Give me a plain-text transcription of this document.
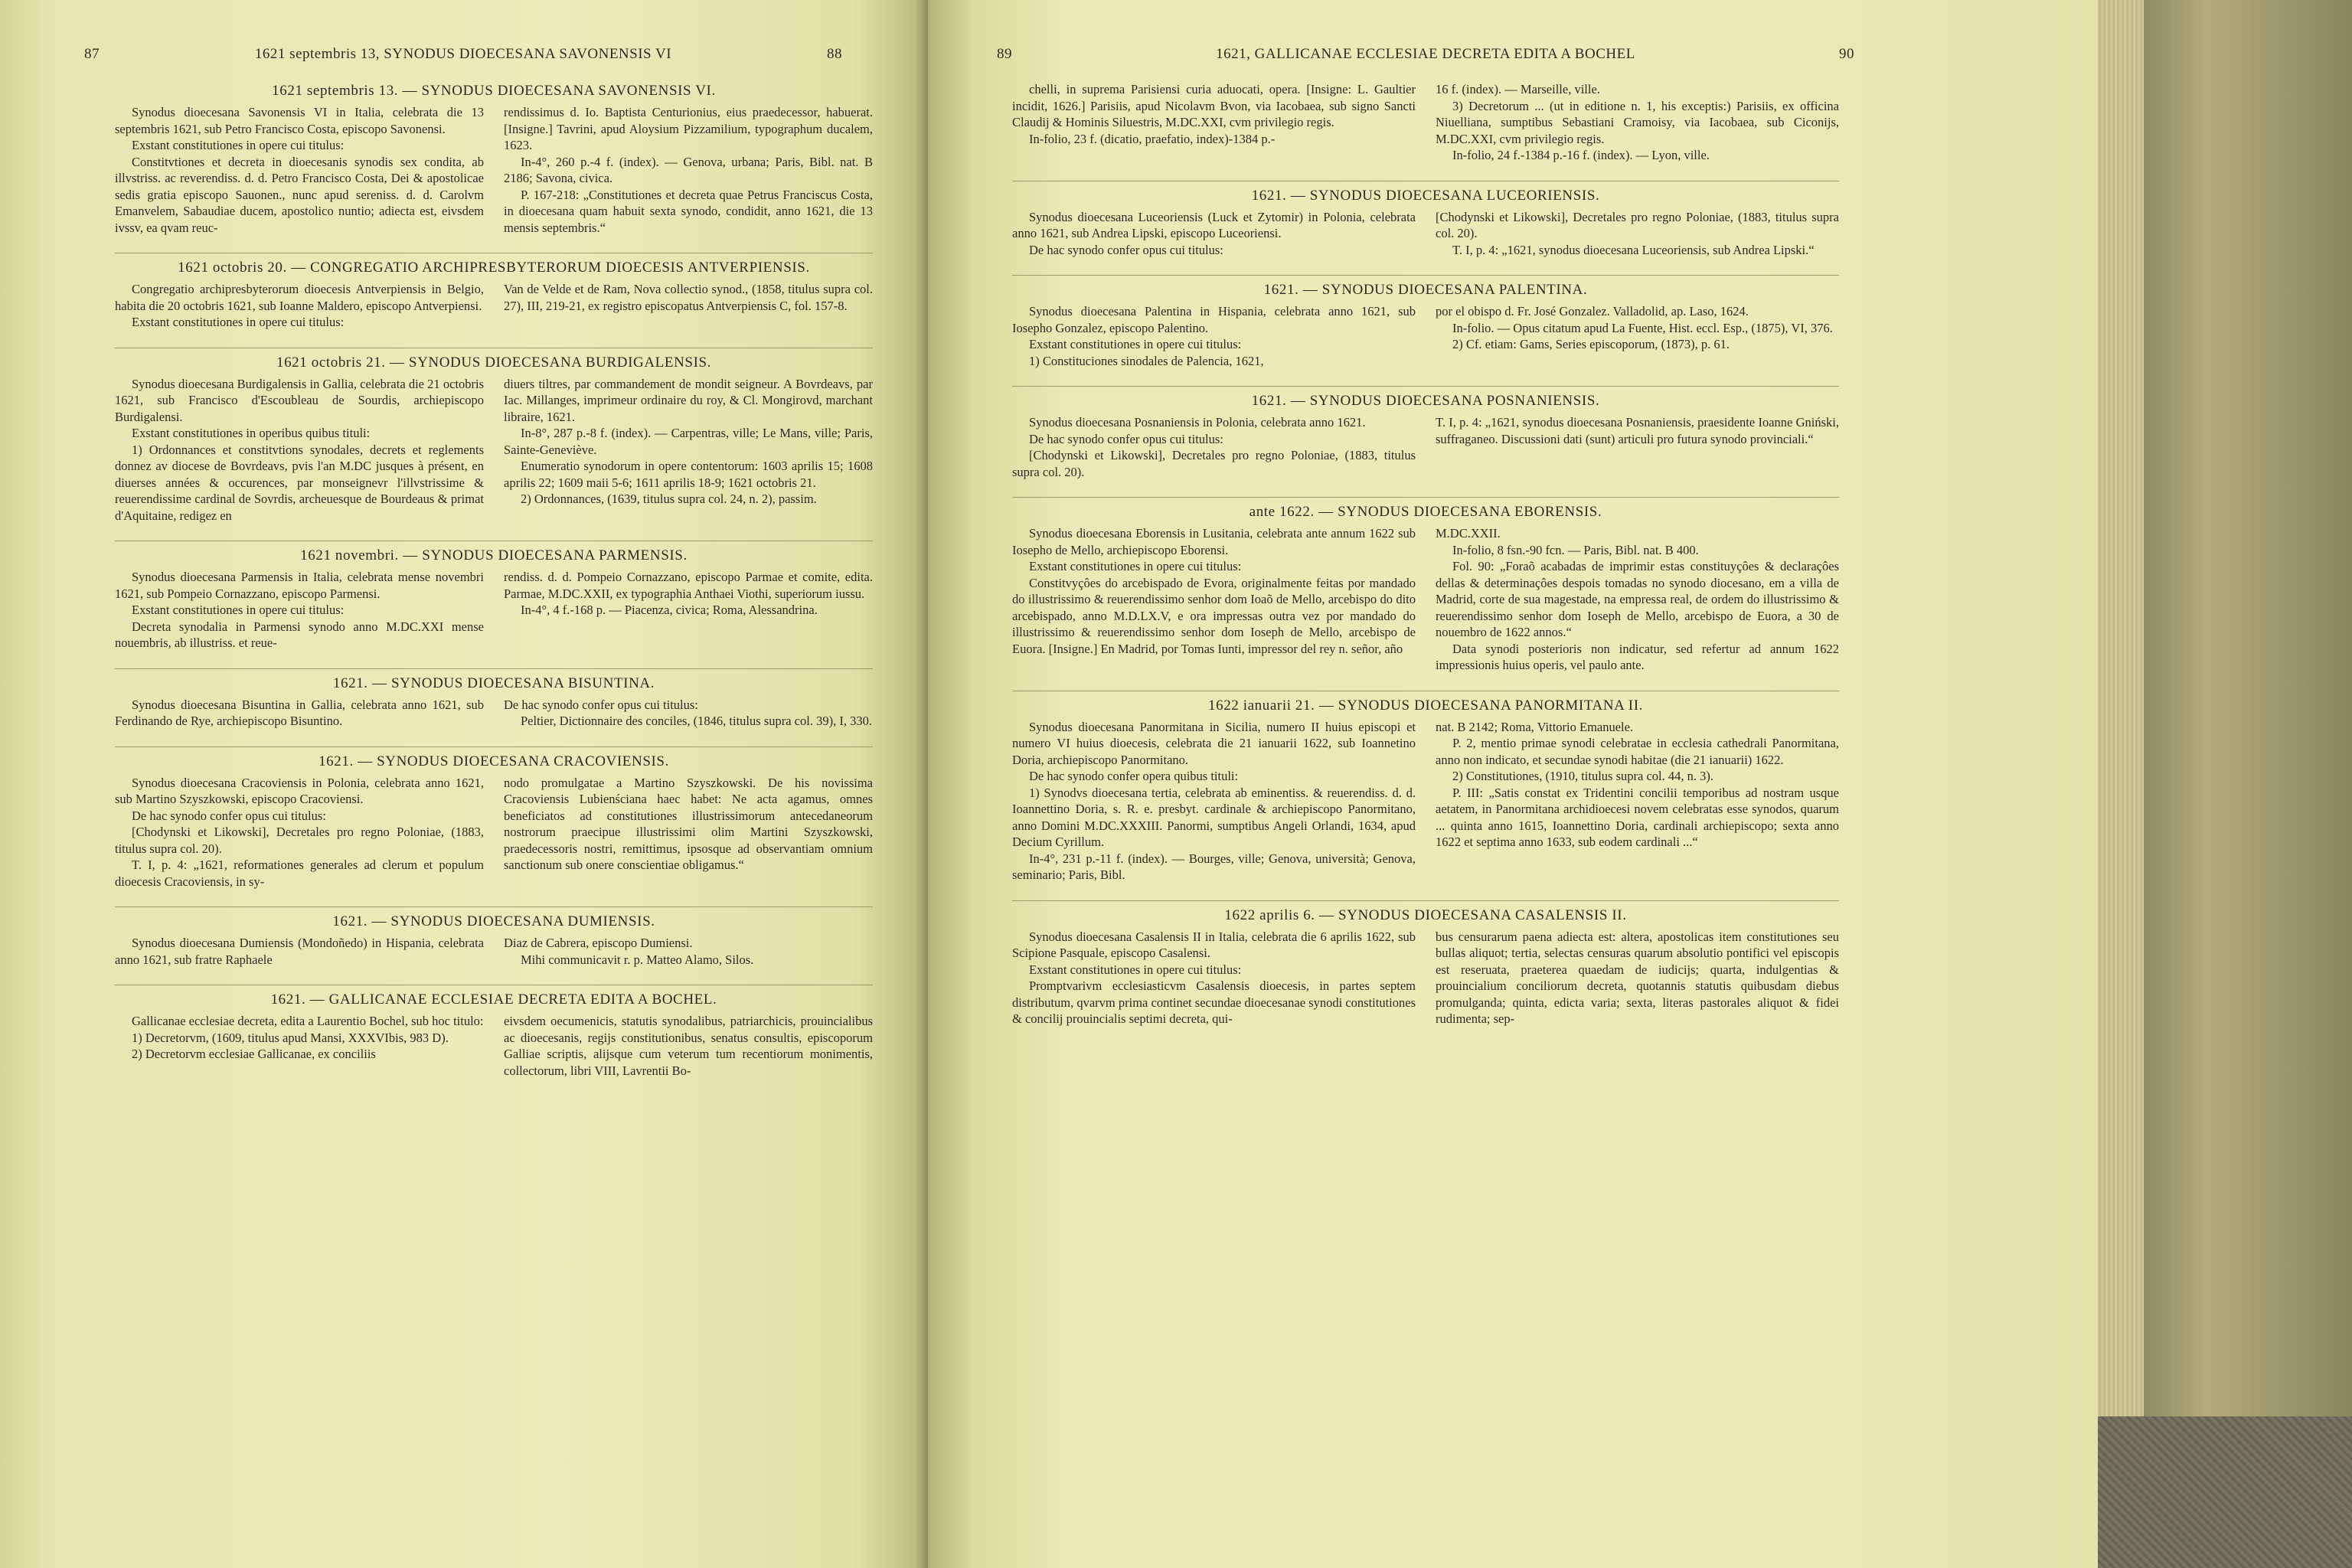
87	1621 septembris 13, SYNODUS DIOECESANA SAVONENSIS VI	88
1621 septembris 13. — SYNODUS DIOECESANA SAVONENSIS VI.

Synodus dioecesana Savonensis VI in Italia, celebrata die 13 septembris 1621, sub Petro Francisco Costa, episcopo Savonensi.

Exstant constitutiones in opere cui titulus:

Constitvtiones et decreta in dioecesanis synodis sex condita, ab illvstriss. ac reverendiss. d. d. Petro Francisco Costa, Dei & apostolicae sedis gratia episcopo Sauonen., nunc apud sereniss. d. d. Carolvm Emanvelem, Sabaudiae ducem, apostolico nuntio; adiecta est, eivsdem ivssv, ea qvam reuc-

rendissimus d. Io. Baptista Centurionius, eius praedecessor, habuerat. [Insigne.] Tavrini, apud Aloysium Pizzamilium, typographum ducalem, 1623.

In-4°, 260 p.-4 f. (index). — Genova, urbana; Paris, Bibl. nat. B 2186; Savona, civica.

P. 167-218: „Constitutiones et decreta quae Petrus Franciscus Costa, in dioecesana quam habuit sexta synodo, condidit, anno 1621, die 13 mensis septembris.“

1621 octobris 20. — CONGREGATIO ARCHIPRESBYTERORUM DIOECESIS ANTVERPIENSIS.

Congregatio archipresbyterorum dioecesis Antverpiensis in Belgio, habita die 20 octobris 1621, sub Ioanne Maldero, episcopo Antverpiensi.

Exstant constitutiones in opere cui titulus:

Van de Velde et de Ram, Nova collectio synod., (1858, titulus supra col. 27), III, 219-21, ex registro episcopatus Antverpiensis C, fol. 157-8.

1621 octobris 21. — SYNODUS DIOECESANA BURDIGALENSIS.

Synodus dioecesana Burdigalensis in Gallia, celebrata die 21 octobris 1621, sub Francisco d'Escoubleau de Sourdis, archiepiscopo Burdigalensi.

Exstant constitutiones in operibus quibus tituli:

1) Ordonnances et constitvtions synodales, decrets et reglements donnez av diocese de Bovrdeavs, pvis l'an M.DC jusques à présent, en diuerses années & occurences, par monseignevr l'illvstrissime & reuerendissime cardinal de Sovrdis, archeuesque de Bourdeaus & primat d'Aquitaine, redigez en

diuers tiltres, par commandement de mondit seigneur. A Bovrdeavs, par Iac. Millanges, imprimeur ordinaire du roy, & Cl. Mongirovd, marchant libraire, 1621.

In-8°, 287 p.-8 f. (index). — Carpentras, ville; Le Mans, ville; Paris, Sainte-Geneviève.

Enumeratio synodorum in opere contentorum: 1603 aprilis 15; 1608 aprilis 22; 1609 maii 5-6; 1611 aprilis 18-9; 1621 octobris 21.

2) Ordonnances, (1639, titulus supra col. 24, n. 2), passim.

1621 novembri. — SYNODUS DIOECESANA PARMENSIS.

Synodus dioecesana Parmensis in Italia, celebrata mense novembri 1621, sub Pompeio Cornazzano, episcopo Parmensi.

Exstant constitutiones in opere cui titulus:

Decreta synodalia in Parmensi synodo anno M.DC.XXI mense nouembris, ab illustriss. et reue-

rendiss. d. d. Pompeio Cornazzano, episcopo Parmae et comite, edita. Parmae, M.DC.XXII, ex typographia Anthaei Viothi, superiorum iussu.

In-4°, 4 f.-168 p. — Piacenza, civica; Roma, Alessandrina.

1621. — SYNODUS DIOECESANA BISUNTINA.

Synodus dioecesana Bisuntina in Gallia, celebrata anno 1621, sub Ferdinando de Rye, archiepiscopo Bisuntino.

De hac synodo confer opus cui titulus:

Peltier, Dictionnaire des conciles, (1846, titulus supra col. 39), I, 330.

1621. — SYNODUS DIOECESANA CRACOVIENSIS.

Synodus dioecesana Cracoviensis in Polonia, celebrata anno 1621, sub Martino Szyszkowski, episcopo Cracoviensi.

De hac synodo confer opus cui titulus:

[Chodynski et Likowski], Decretales pro regno Poloniae, (1883, titulus supra col. 20).

T. I, p. 4: „1621, reformationes generales ad clerum et populum dioecesis Cracoviensis, in sy-

nodo promulgatae a Martino Szyszkowski. De his novissima Cracoviensis Lubienściana haec habet: Ne acta agamus, omnes beneficiatos ad constitutiones illustrissimorum antecedaneorum nostrorum praecipue illustrissimi olim Martini Szyszkowski, praedecessoris nostri, remittimus, ipsosque ad observantiam omnium sanctionum sub onere conscientiae obligamus.“

1621. — SYNODUS DIOECESANA DUMIENSIS.

Synodus dioecesana Dumiensis (Mondoñedo) in Hispania, celebrata anno 1621, sub fratre Raphaele

Diaz de Cabrera, episcopo Dumiensi.

Mihi communicavit r. p. Matteo Alamo, Silos.

1621. — GALLICANAE ECCLESIAE DECRETA EDITA A BOCHEL.

Gallicanae ecclesiae decreta, edita a Laurentio Bochel, sub hoc titulo:

1) Decretorvm, (1609, titulus apud Mansi, XXXVIbis, 983 D).

2) Decretorvm ecclesiae Gallicanae, ex conciliis

eivsdem oecumenicis, statutis synodalibus, patriarchicis, prouincialibus ac dioecesanis, regijs constitutionibus, senatus consultis, episcoporum Galliae scriptis, alijsque cum veterum tum recentiorum monimentis, collectorum, libri VIII, Lavrentii Bo-

89	1621, GALLICANAE ECCLESIAE DECRETA EDITA A BOCHEL	90

chelli, in suprema Parisiensi curia aduocati, opera. [Insigne: L. Gaultier incidit, 1626.] Parisiis, apud Nicolavm Bvon, via Iacobaea, sub signo Sancti Claudij & Hominis Siluestris, M.DC.XXI, cvm privilegio regis.

In-folio, 23 f. (dicatio, praefatio, index)-1384 p.-

16 f. (index). — Marseille, ville.

3) Decretorum ... (ut in editione n. 1, his exceptis:) Parisiis, ex officina Niuelliana, sumptibus Sebastiani Cramoisy, via Iacobaea, sub Ciconijs, M.DC.XXI, cvm privilegio regis.

In-folio, 24 f.-1384 p.-16 f. (index). — Lyon, ville.

1621. — SYNODUS DIOECESANA LUCEORIENSIS.

Synodus dioecesana Luceoriensis (Luck et Zytomir) in Polonia, celebrata anno 1621, sub Andrea Lipski, episcopo Luceoriensi.

De hac synodo confer opus cui titulus:

[Chodynski et Likowski], Decretales pro regno Poloniae, (1883, titulus supra col. 20).

T. I, p. 4: „1621, synodus dioecesana Luceoriensis, sub Andrea Lipski.“

1621. — SYNODUS DIOECESANA PALENTINA.

Synodus dioecesana Palentina in Hispania, celebrata anno 1621, sub Iosepho Gonzalez, episcopo Palentino.

Exstant constitutiones in opere cui titulus:

1) Constituciones sinodales de Palencia, 1621,

por el obispo d. Fr. José Gonzalez. Valladolid, ap. Laso, 1624.

In-folio. — Opus citatum apud La Fuente, Hist. eccl. Esp., (1875), VI, 376.

2) Cf. etiam: Gams, Series episcoporum, (1873), p. 61.

1621. — SYNODUS DIOECESANA POSNANIENSIS.

Synodus dioecesana Posnaniensis in Polonia, celebrata anno 1621.

De hac synodo confer opus cui titulus:

[Chodynski et Likowski], Decretales pro regno Poloniae, (1883, titulus supra col. 20).

T. I, p. 4: „1621, synodus dioecesana Posnaniensis, praesidente Ioanne Gniński, suffraganeo. Discussioni dati (sunt) articuli pro futura synodo provinciali.“

ante 1622. — SYNODUS DIOECESANA EBORENSIS.

Synodus dioecesana Eborensis in Lusitania, celebrata ante annum 1622 sub Iosepho de Mello, archiepiscopo Eborensi.

Exstant constitutiones in opere cui titulus:

Constitvyçôes do arcebispado de Evora, originalmente feitas por mandado do illustrissimo & reuerendissimo senhor dom Ioaõ de Mello, arcebispo do dito arcebispado, anno M.D.LX.V, e ora impressas outra vez por mandado do illustrissimo & reuerendissimo senhor dom Ioseph de Mello, arcebispo de Euora. [Insigne.] En Madrid, por Tomas Iunti, impressor del rey n. señor, año

M.DC.XXII.

In-folio, 8 fsn.-90 fcn. — Paris, Bibl. nat. B 400.

Fol. 90: „Foraõ acabadas de imprimir estas constituyçôes & declaraçôes dellas & determinaçôes despois tomadas no synodo diocesano, em a villa de Madrid, corte de sua magestade, na empressa real, de ordem do illustrissimo & reuerendissimo senhor dom Ioseph de Mello, arcebispo de Euora, a 30 de nouembro de 1622 annos.“

Data synodi posterioris non indicatur, sed refertur ad annum 1622 impressionis huius operis, vel paulo ante.

1622 ianuarii 21. — SYNODUS DIOECESANA PANORMITANA II.

Synodus dioecesana Panormitana in Sicilia, numero II huius episcopi et numero VI huius dioecesis, celebrata die 21 ianuarii 1622, sub Ioannetino Doria, archiepiscopo Panormitano.

De hac synodo confer opera quibus tituli:

1) Synodvs dioecesana tertia, celebrata ab eminentiss. & reuerendiss. d. d. Ioannettino Doria, s. R. e. presbyt. cardinale & archiepiscopo Panormitano, anno Domini M.DC.XXXIII. Panormi, sumptibus Angeli Orlandi, 1634, apud Decium Cyrillum.

In-4°, 231 p.-11 f. (index). — Bourges, ville; Genova, università; Genova, seminario; Paris, Bibl.

nat. B 2142; Roma, Vittorio Emanuele.

P. 2, mentio primae synodi celebratae in ecclesia cathedrali Panormitana, anno non indicato, et secundae synodi habitae (die 21 ianuarii) 1622.

2) Constitutiones, (1910, titulus supra col. 44, n. 3).

P. III: „Satis constat ex Tridentini concilii temporibus ad nostram usque aetatem, in Panormitana archidioecesi novem celebratas esse synodos, quarum ... quinta anno 1615, Ioannettino Doria, cardinali archiepiscopo; sexta anno 1622 et septima anno 1633, sub eodem cardinali ...“

1622 aprilis 6. — SYNODUS DIOECESANA CASALENSIS II.

Synodus dioecesana Casalensis II in Italia, celebrata die 6 aprilis 1622, sub Scipione Pasquale, episcopo Casalensi.

Exstant constitutiones in opere cui titulus:

Promptvarivm ecclesiasticvm Casalensis dioecesis, in partes septem distributum, qvarvm prima continet secundae dioecesanae synodi constitutiones & concilij prouincialis septimi decreta, qui-

bus censurarum paena adiecta est: altera, apostolicas item constitutiones seu bullas aliquot; tertia, selectas censuras quarum absolutio pontifici vel episcopis est reseruata, praeterea quaedam de iudicijs; quarta, indulgentias & prouincialium conciliorum decreta, quotannis statutis quibusdam diebus promulganda; quinta, edicta varia; sexta, literas pastorales aliquot & fidei rudimenta; sep-
